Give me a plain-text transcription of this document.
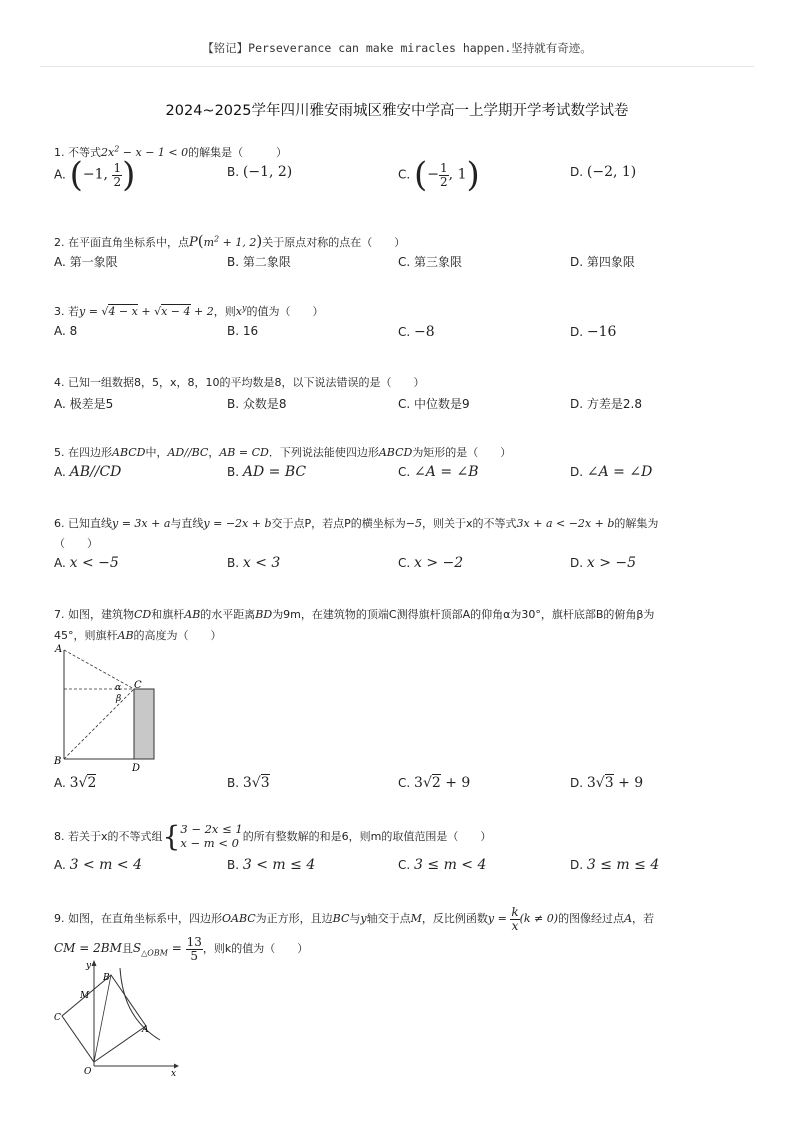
【铭记】Perseverance can make miracles happen.坚持就有奇迹。
2024~2025学年四川雅安雨城区雅安中学高一上学期开学考试数学试卷
1. 不等式$2x^2 - x - 1 < 0$的解集是（　　　）
A. (−1, $\frac{1}{2}$ )	B. (−1, 2)	C. (− $\frac{1}{2}$ , 1)	D. (−2, 1)
2. 在平面直角坐标系中，点$P(m^2 + 1$, 2)关于原点对称的点在（　　）
A. 第一象限	B. 第二象限	C. 第三象限	D. 第四象限
3. 若y = √4 − x + √x − 4 + 2，则$x^y$的值为（　　）
A. 8	B. 16	C. −8	D. −16
4. 已知一组数据8，5，x，8，10的平均数是8，以下说法错误的是（　　）
A. 极差是5	B. 众数是8	C. 中位数是9	D. 方差是2.8
5. 在四边形ABCD中，AD//BC，AB = CD．下列说法能使四边形ABCD为矩形的是（　　）
A. AB//CD	B. AD = BC	C. ∠A = ∠B	D. ∠A = ∠D
6. 已知直线y = 3x + a与直线y = −2x + b交于点P，若点P的横坐标为−5，则关于x的不等式3x + a < −2x + b的解集为
（　　）
A. x < −5	B. x < 3	C. x > −2	D. x > −5
7. 如图，建筑物CD和旗杆AB的水平距离BD为9m，在建筑物的顶端C测得旗杆顶部A的仰角α为30°，旗杆底部B的俯角β为
45°，则旗杆AB的高度为（　　）
A
B
C
D
α
β
A. 3√2	B. 3√3	C. 3√2 + 9	D. 3√3 + 9
8. 若关于x的不等式组{ 3 − 2x ≤ 1
x − m < 0 的所有整数解的和是6，则m的取值范围是（　　）
A. 3 < m < 4	B. 3 < m ≤ 4	C. 3 ≤ m < 4	D. 3 ≤ m ≤ 4
9. 如图，在直角坐标系中，四边形OABC为正方形，且边BC与y轴交于点M，反比例函数$y = \frac{k}{x} (k \ne 0)$的图像经过点A，若
CM = 2BM且$S_{\triangle OBM} = \frac{13}{5}$ ，则k的值为（　　）
y
x
M
B
C
A
O
